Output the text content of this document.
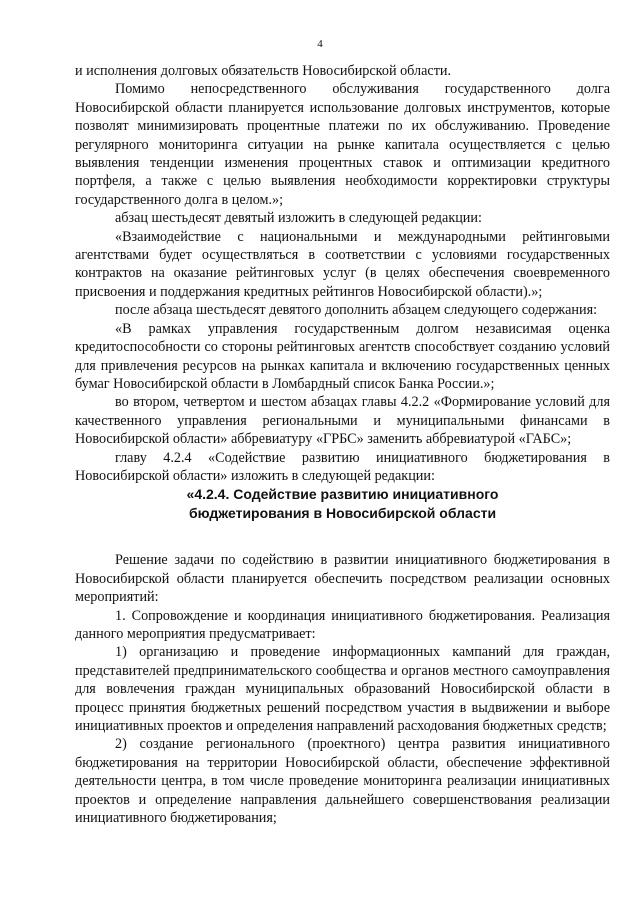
4

и исполнения долговых обязательств Новосибирской области.

Помимо непосредственного обслуживания государственного долга Новосибирской области планируется использование долговых инструментов, которые позволят минимизировать процентные платежи по их обслуживанию. Проведение регулярного мониторинга ситуации на рынке капитала осуществляется с целью выявления тенденции изменения процентных ставок и оптимизации кредитного портфеля, а также с целью выявления необходимости корректировки структуры государственного долга в целом.»;

абзац шестьдесят девятый изложить в следующей редакции:

«Взаимодействие с национальными и международными рейтинговыми агентствами будет осуществляться в соответствии с условиями государственных контрактов на оказание рейтинговых услуг (в целях обеспечения своевременного присвоения и поддержания кредитных рейтингов Новосибирской области).»;

после абзаца шестьдесят девятого дополнить абзацем следующего содержания:

«В рамках управления государственным долгом независимая оценка кредитоспособности со стороны рейтинговых агентств способствует созданию условий для привлечения ресурсов на рынках капитала и включению государственных ценных бумаг Новосибирской области в Ломбардный список Банка России.»;

во втором, четвертом и шестом абзацах главы 4.2.2 «Формирование условий для качественного управления региональными и муниципальными финансами в Новосибирской области» аббревиатуру «ГРБС» заменить аббревиатурой «ГАБС»;

главу 4.2.4 «Содействие развитию инициативного бюджетирования в Новосибирской области» изложить в следующей редакции:

«4.2.4. Содействие развитию инициативного

бюджетирования в Новосибирской области

Решение задачи по содействию в развитии инициативного бюджетирования в Новосибирской области планируется обеспечить посредством реализации основных мероприятий:

1. Сопровождение и координация инициативного бюджетирования. Реализация данного мероприятия предусматривает:

1) организацию и проведение информационных кампаний для граждан, представителей предпринимательского сообщества и органов местного самоуправления для вовлечения граждан муниципальных образований Новосибирской области в процесс принятия бюджетных решений посредством участия в выдвижении и выборе инициативных проектов и определения направлений расходования бюджетных средств;

2) создание регионального (проектного) центра развития инициативного бюджетирования на территории Новосибирской области, обеспечение эффективной деятельности центра, в том числе проведение мониторинга реализации инициативных проектов и определение направления дальнейшего совершенствования реализации инициативного бюджетирования;
